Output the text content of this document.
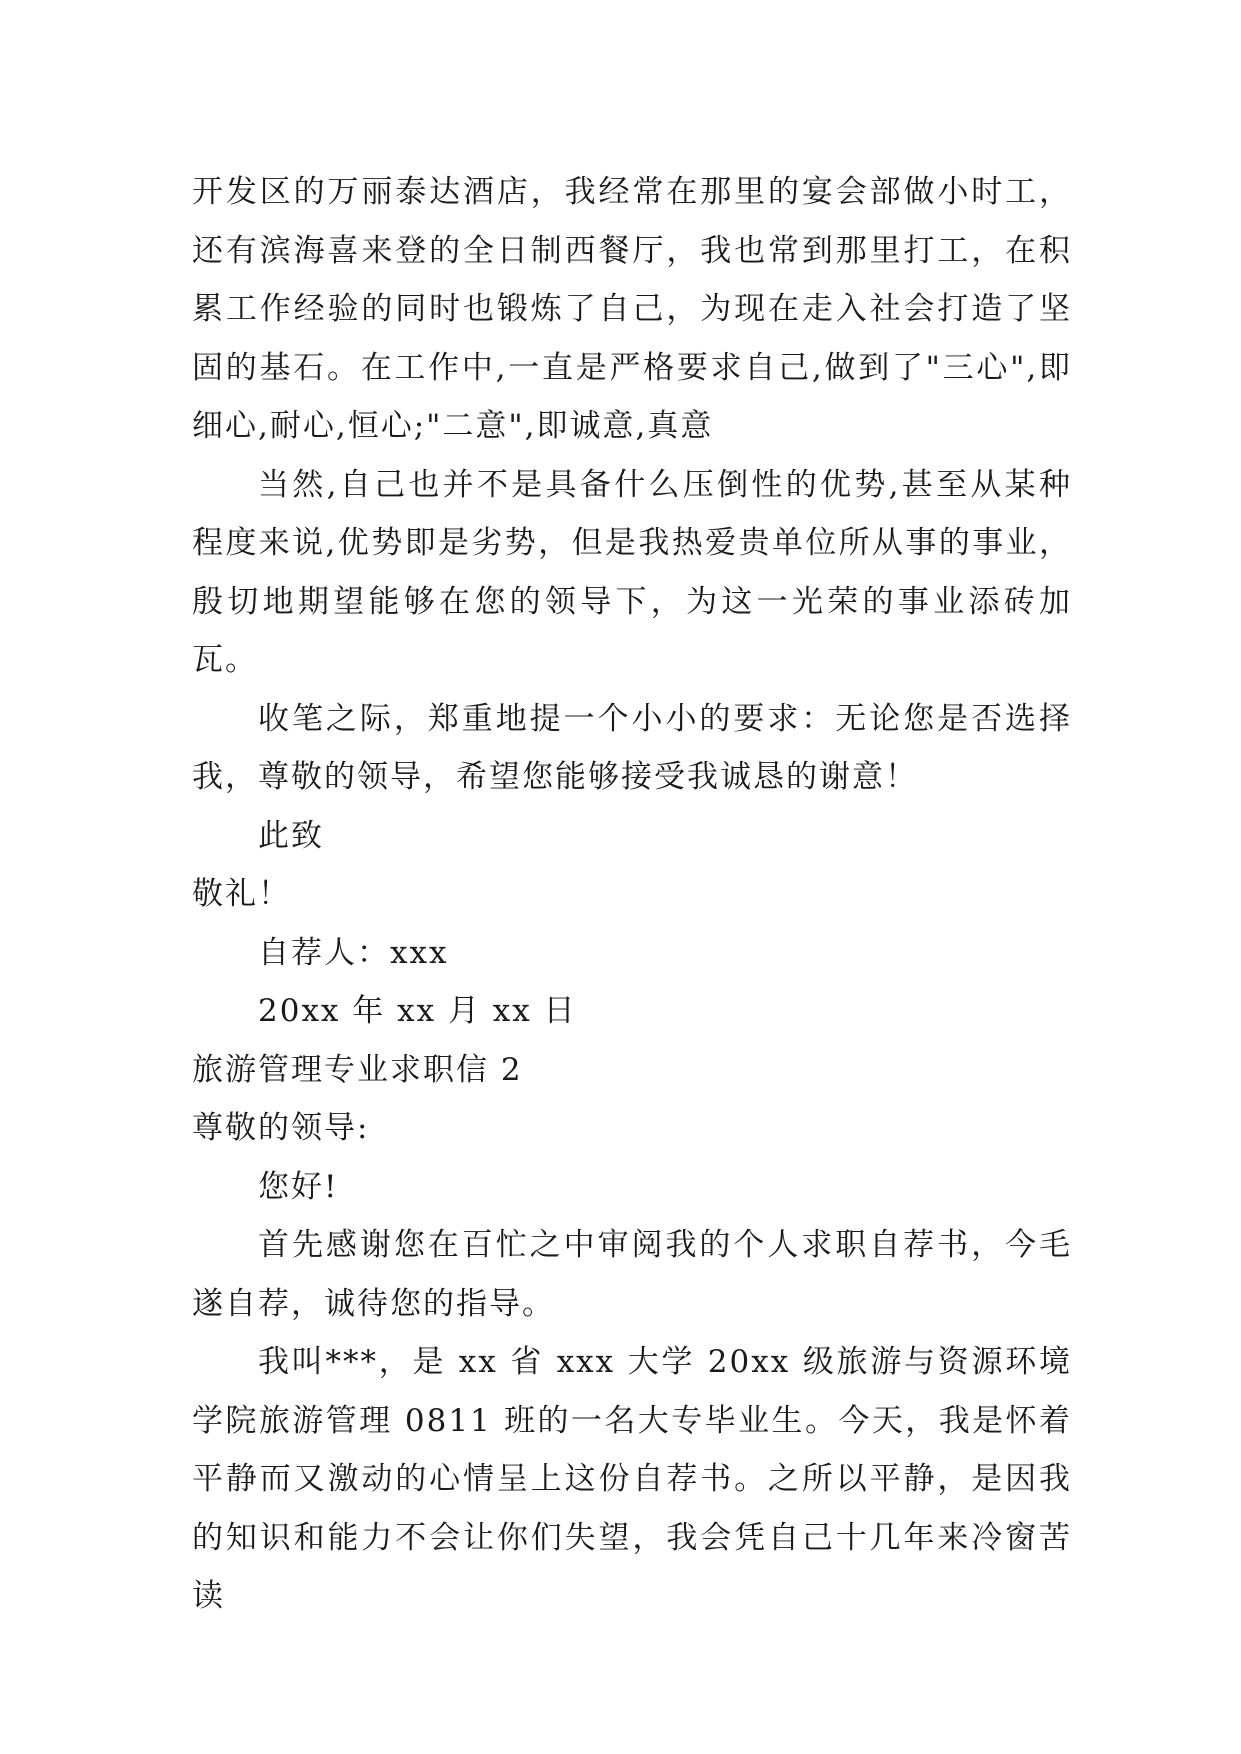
开发区的万丽泰达酒店，我经常在那里的宴会部做小时工，还有滨海喜来登的全日制西餐厅，我也常到那里打工，在积累工作经验的同时也锻炼了自己，为现在走入社会打造了坚固的基石。在工作中,一直是严格要求自己,做到了"三心",即细心,耐心,恒心;"二意",即诚意,真意

当然,自己也并不是具备什么压倒性的优势,甚至从某种程度来说,优势即是劣势，但是我热爱贵单位所从事的事业，殷切地期望能够在您的领导下，为这一光荣的事业添砖加瓦。

收笔之际，郑重地提一个小小的要求：无论您是否选择我，尊敬的领导，希望您能够接受我诚恳的谢意！

此致

敬礼！

自荐人：xxx

20xx 年 xx 月 xx 日

旅游管理专业求职信 2

尊敬的领导:

您好!

首先感谢您在百忙之中审阅我的个人求职自荐书，今毛遂自荐，诚待您的指导。

我叫***，是 xx 省 xxx 大学 20xx 级旅游与资源环境学院旅游管理 0811 班的一名大专毕业生。今天，我是怀着平静而又激动的心情呈上这份自荐书。之所以平静，是因我的知识和能力不会让你们失望，我会凭自己十几年来冷窗苦读
